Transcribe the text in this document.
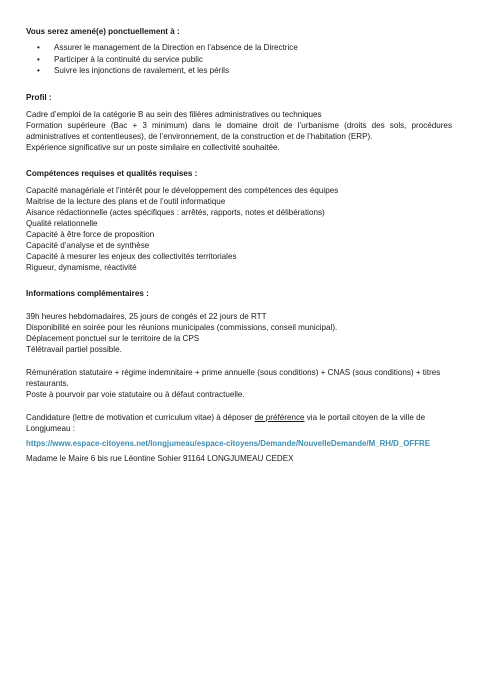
Vous serez amené(e) ponctuellement à :

• Assurer le management de la Direction en l’absence de la Directrice
• Participer à la continuité du service public
• Suivre les injonctions de ravalement, et les périls

Profil :

Cadre d’emploi de la catégorie B au sein des filières administratives ou techniques
Formation supérieure (Bac + 3 minimum) dans le domaine droit de l’urbanisme (droits des sols, procédures administratives et contentieuses), de l’environnement, de la construction et de l’habitation (ERP).
Expérience significative sur un poste similaire en collectivité souhaitée.

Compétences requises et qualités requises :

Capacité managériale et l’intérêt pour le développement des compétences des équipes
Maitrise de la lecture des plans et de l’outil informatique
Aisance rédactionnelle (actes spécifiques : arrêtés, rapports, notes et délibérations)
Qualité relationnelle
Capacité à être force de proposition
Capacité d’analyse et de synthèse
Capacité à mesurer les enjeux des collectivités territoriales
Rigueur, dynamisme, réactivité

Informations complémentaires :

39h heures hebdomadaires, 25 jours de congés et 22 jours de RTT
Disponibilité en soirée pour les réunions municipales (commissions, conseil municipal).
Déplacement ponctuel sur le territoire de la CPS
Télétravail partiel possible.
Rémunération statutaire + régime indemnitaire + prime annuelle (sous conditions) + CNAS (sous conditions) + titres restaurants.
Poste à pourvoir par voie statutaire ou à défaut contractuelle.
Candidature (lettre de motivation et curriculum vitae) à déposer de préférence via le portail citoyen de la ville de Longjumeau :
https://www.espace-citoyens.net/longjumeau/espace-citoyens/Demande/NouvelleDemande/M_RH/D_OFFRE
Madame le Maire 6 bis rue Léontine Sohier 91164 LONGJUMEAU CEDEX
